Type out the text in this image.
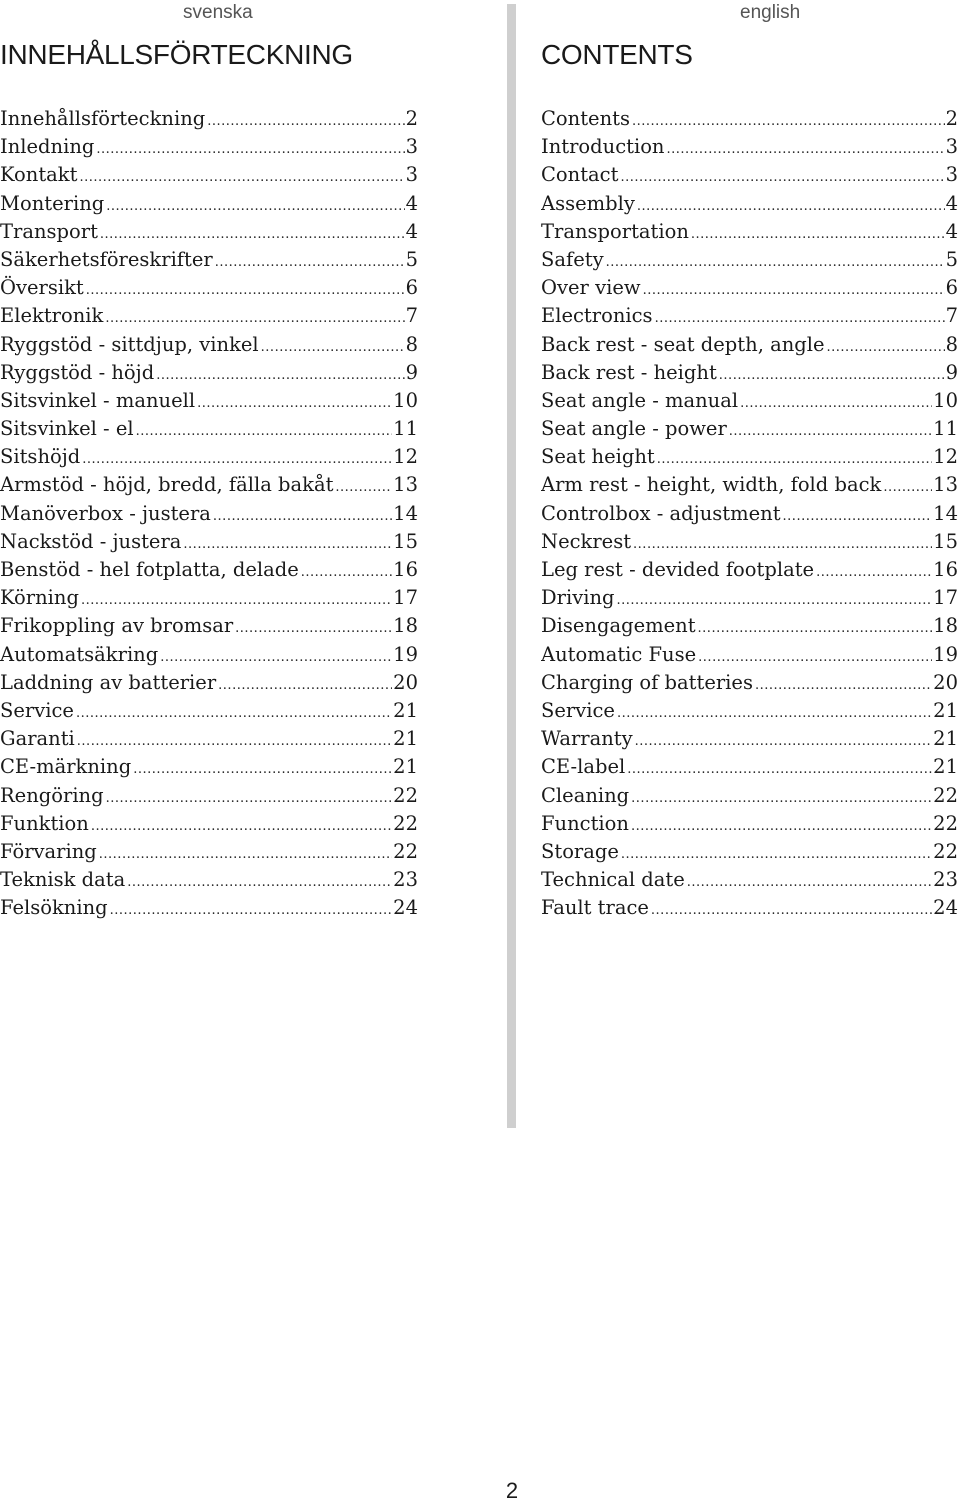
svenska	english
INNEHÅLLSFÖRTECKNING	CONTENTS
Innehållsförteckning .....	2
Inledning .....	3
Kontakt .....	3
Montering .....	4
Transport .....	4
Säkerhetsföreskrifter .....	5
Översikt .....	6
Elektronik .....	7
Ryggstöd - sittdjup, vinkel .....	8
Ryggstöd - höjd .....	9
Sitsvinkel - manuell .....	10
Sitsvinkel - el .....	11
Sitshöjd .....	12
Armstöd - höjd, bredd, fälla bakåt .....	13
Manöverbox - justera .....	14
Nackstöd - justera .....	15
Benstöd - hel fotplatta, delade .....	16
Körning .....	17
Frikoppling av bromsar .....	18
Automatsäkring .....	19
Laddning av batterier .....	20
Service .....	21
Garanti .....	21
CE-märkning .....	21
Rengöring .....	22
Funktion .....	22
Förvaring .....	22
Teknisk data .....	23
Felsökning .....	24
Contents .....	2
Introduction .....	3
Contact .....	3
Assembly .....	4
Transportation .....	4
Safety .....	5
Over view .....	6
Electronics .....	7
Back rest - seat depth, angle .....	8
Back rest - height .....	9
Seat angle - manual .....	10
Seat angle - power .....	11
Seat height .....	12
Arm rest - height, width, fold back .....	13
Controlbox - adjustment .....	14
Neckrest .....	15
Leg rest - devided footplate .....	16
Driving .....	17
Disengagement .....	18
Automatic Fuse .....	19
Charging of batteries .....	20
Service .....	21
Warranty .....	21
CE-label .....	21
Cleaning .....	22
Function .....	22
Storage .....	22
Technical date .....	23
Fault trace .....	24
2
